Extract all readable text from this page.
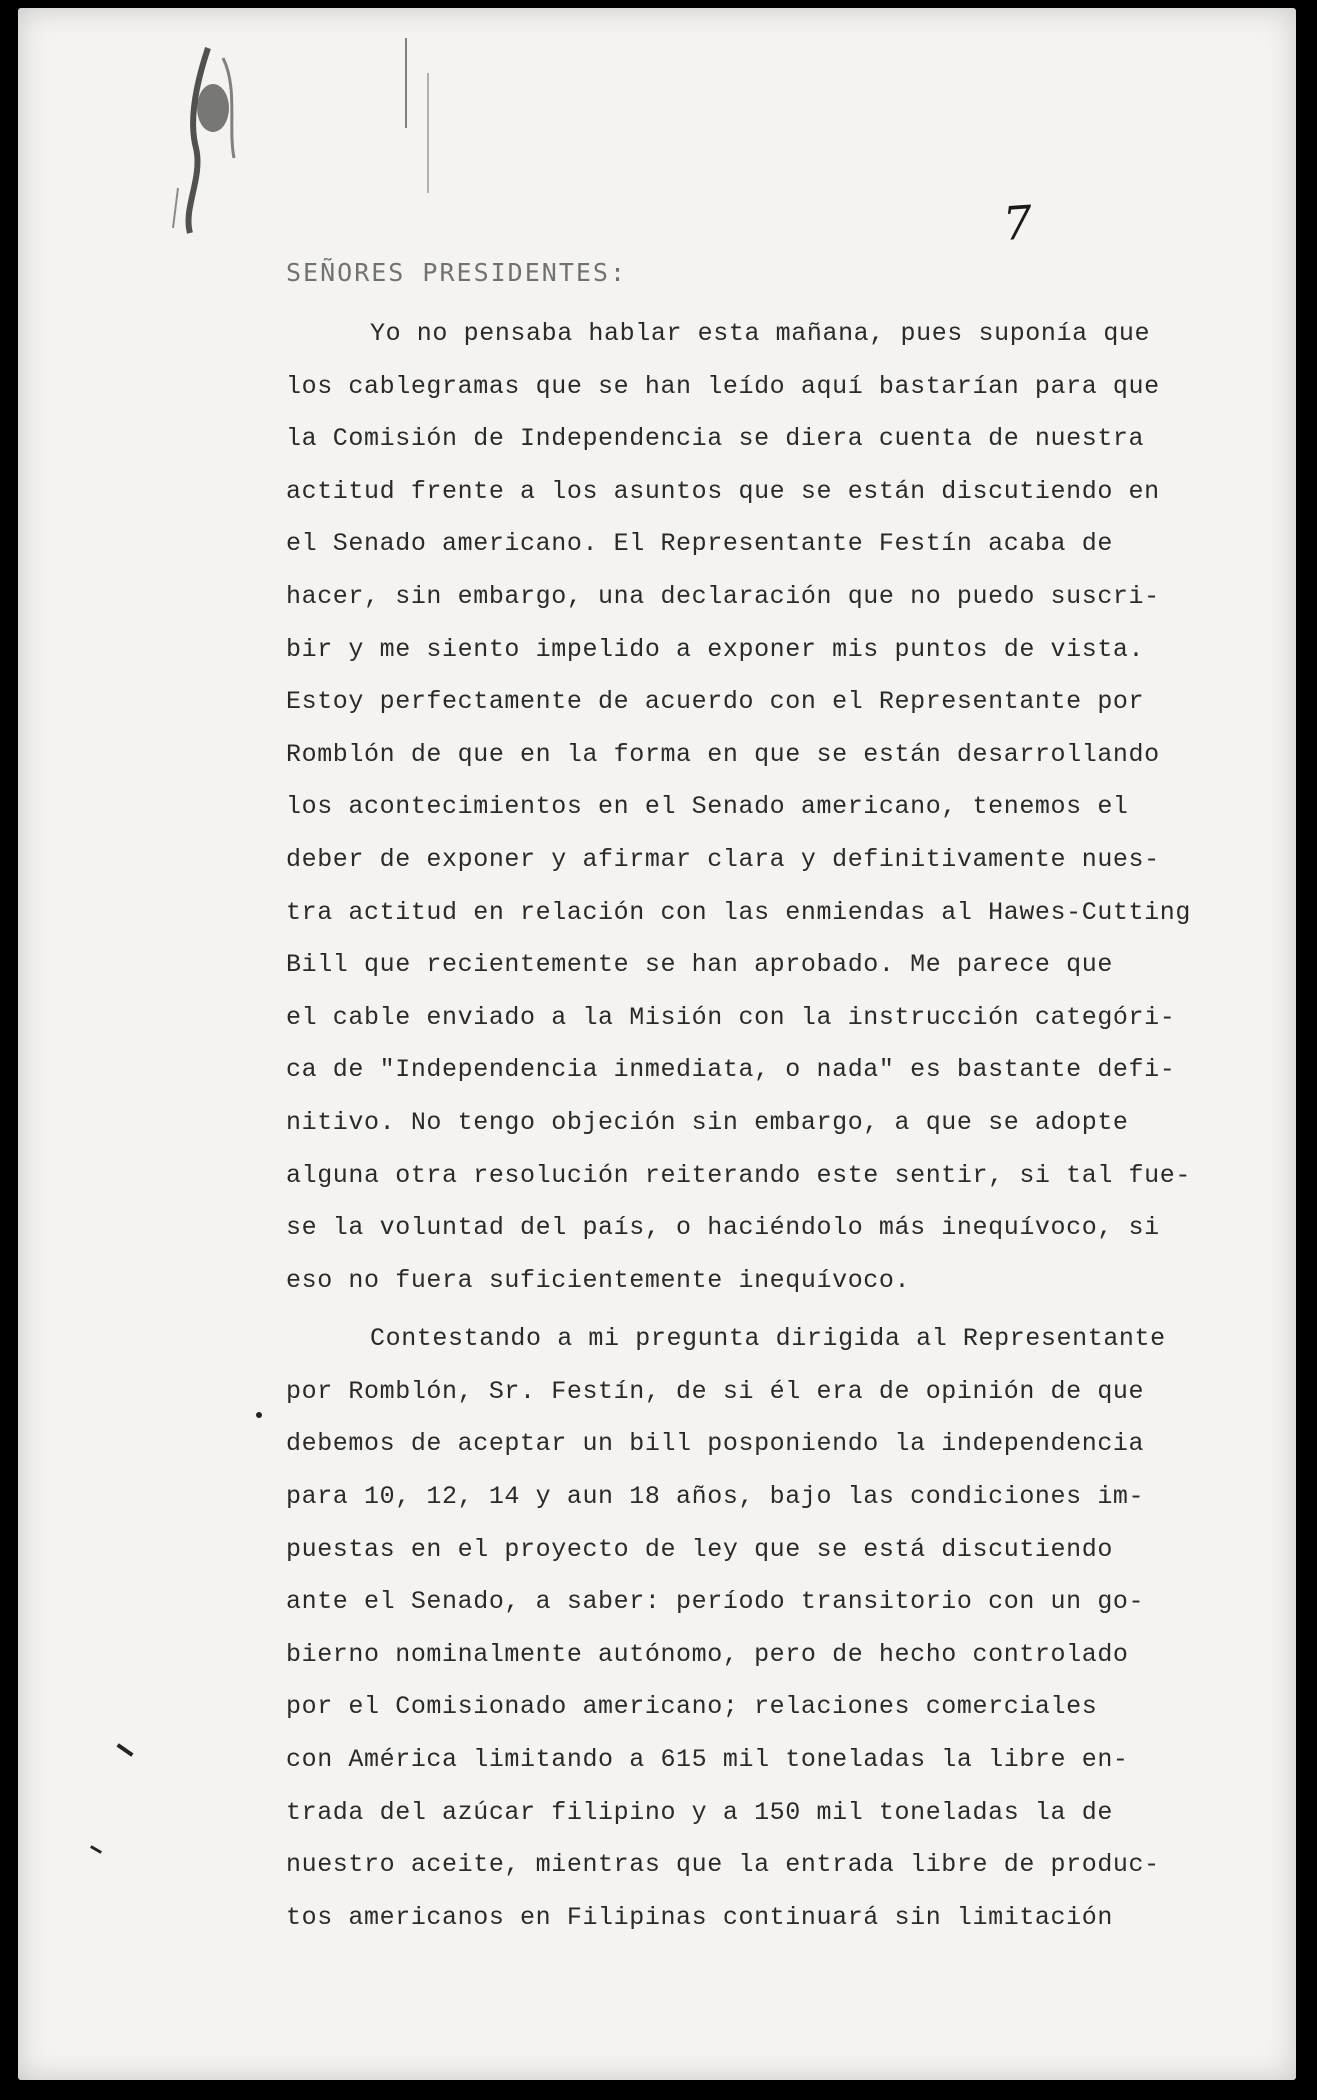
7
SEÑORES PRESIDENTES:
Yo no pensaba hablar esta mañana, pues suponía que
los cablegramas que se han leído aquí bastarían para que
la Comisión de Independencia se diera cuenta de nuestra
actitud frente a los asuntos que se están discutiendo en
el Senado americano. El Representante Festín acaba de
hacer, sin embargo, una declaración que no puedo suscri-
bir y me siento impelido a exponer mis puntos de vista.
Estoy perfectamente de acuerdo con el Representante por
Romblón de que en la forma en que se están desarrollando
los acontecimientos en el Senado americano, tenemos el
deber de exponer y afirmar clara y definitivamente nues-
tra actitud en relación con las enmiendas al Hawes-Cutting
Bill que recientemente se han aprobado. Me parece que
el cable enviado a la Misión con la instrucción categóri-
ca de "Independencia inmediata, o nada" es bastante defi-
nitivo. No tengo objeción sin embargo, a que se adopte
alguna otra resolución reiterando este sentir, si tal fue-
se la voluntad del país, o haciéndolo más inequívoco, si
eso no fuera suficientemente inequívoco.
Contestando a mi pregunta dirigida al Representante
por Romblón, Sr. Festín, de si él era de opinión de que
debemos de aceptar un bill posponiendo la independencia
para 10, 12, 14 y aun 18 años, bajo las condiciones im-
puestas en el proyecto de ley que se está discutiendo
ante el Senado, a saber: período transitorio con un go-
bierno nominalmente autónomo, pero de hecho controlado
por el Comisionado americano; relaciones comerciales
con América limitando a 615 mil toneladas la libre en-
trada del azúcar filipino y a 150 mil toneladas la de
nuestro aceite, mientras que la entrada libre de produc-
tos americanos en Filipinas continuará sin limitación
